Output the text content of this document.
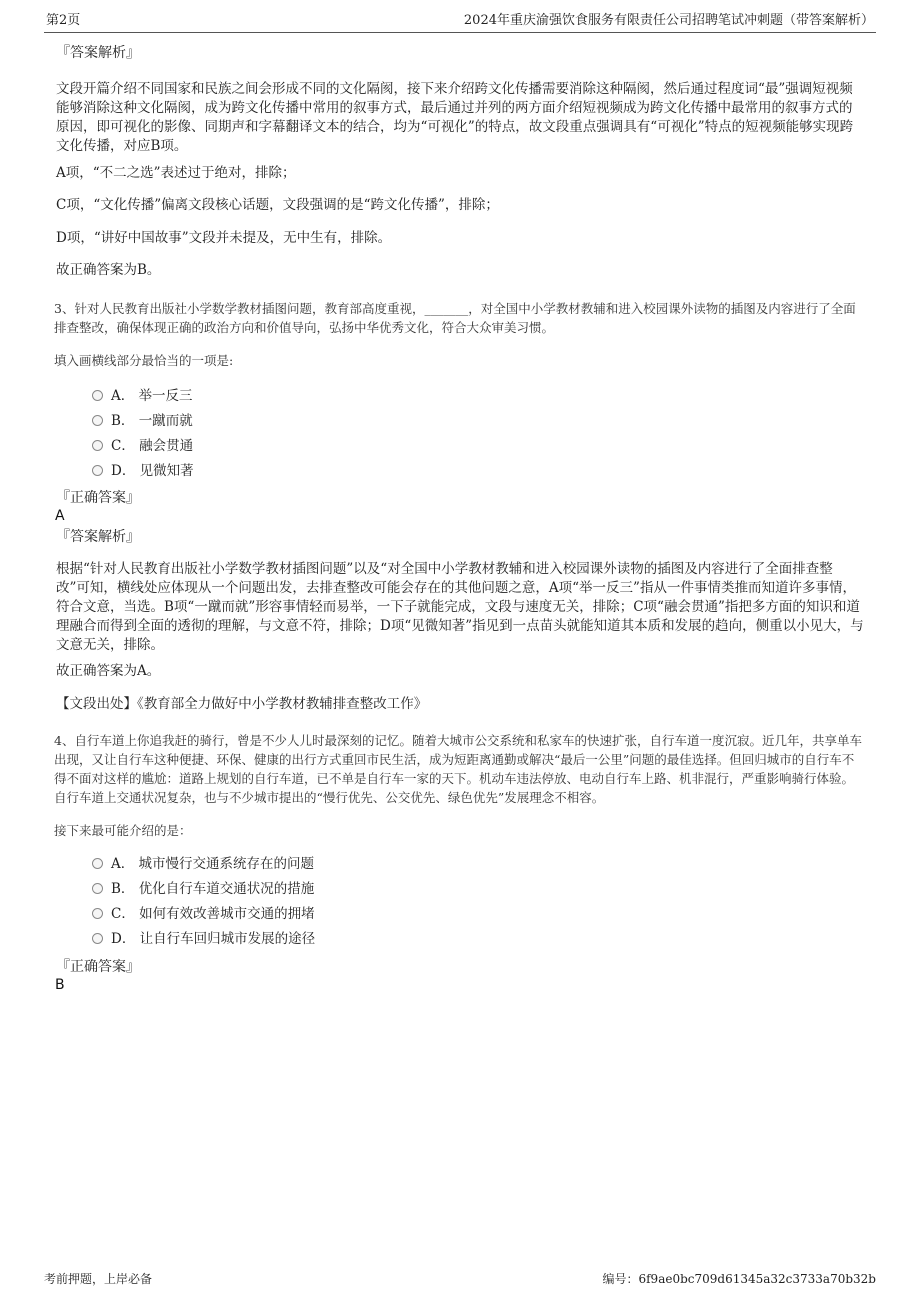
第2页	2024年重庆渝强饮食服务有限责任公司招聘笔试冲刺题（带答案解析）
『答案解析』
文段开篇介绍不同国家和民族之间会形成不同的文化隔阂，接下来介绍跨文化传播需要消除这种隔阂，然后通过程度词“最”强调短视频能够消除这种文化隔阂，成为跨文化传播中常用的叙事方式，最后通过并列的两方面介绍短视频成为跨文化传播中最常用的叙事方式的原因，即可视化的影像、同期声和字幕翻译文本的结合，均为“可视化”的特点，故文段重点强调具有“可视化”特点的短视频能够实现跨文化传播，对应B项。
A项，“不二之选”表述过于绝对，排除；
C项，“文化传播”偏离文段核心话题，文段强调的是“跨文化传播”，排除；
D项，“讲好中国故事”文段并未提及，无中生有，排除。
故正确答案为B。
3、针对人民教育出版社小学数学教材插图问题，教育部高度重视，_______，对全国中小学教材教辅和进入校园课外读物的插图及内容进行了全面排查整改，确保体现正确的政治方向和价值导向，弘扬中华优秀文化，符合大众审美习惯。
填入画横线部分最恰当的一项是:
A． 举一反三
B． 一蹴而就
C． 融会贯通
D． 见微知著
『正确答案』
A
『答案解析』
根据“针对人民教育出版社小学数学教材插图问题”以及“对全国中小学教材教辅和进入校园课外读物的插图及内容进行了全面排查整改”可知，横线处应体现从一个问题出发，去排查整改可能会存在的其他问题之意，A项“举一反三”指从一件事情类推而知道许多事情，符合文意，当选。B项“一蹴而就”形容事情轻而易举，一下子就能完成，文段与速度无关，排除；C项“融会贯通”指把多方面的知识和道理融合而得到全面的透彻的理解，与文意不符，排除；D项“见微知著”指见到一点苗头就能知道其本质和发展的趋向，侧重以小见大，与文意无关，排除。
故正确答案为A。
【文段出处】《教育部全力做好中小学教材教辅排查整改工作》
4、自行车道上你追我赶的骑行，曾是不少人儿时最深刻的记忆。随着大城市公交系统和私家车的快速扩张，自行车道一度沉寂。近几年，共享单车出现，又让自行车这种便捷、环保、健康的出行方式重回市民生活，成为短距离通勤或解决“最后一公里”问题的最佳选择。但回归城市的自行车不得不面对这样的尴尬：道路上规划的自行车道，已不单是自行车一家的天下。机动车违法停放、电动自行车上路、机非混行，严重影响骑行体验。自行车道上交通状况复杂，也与不少城市提出的“慢行优先、公交优先、绿色优先”发展理念不相容。
接下来最可能介绍的是：
A． 城市慢行交通系统存在的问题
B． 优化自行车道交通状况的措施
C． 如何有效改善城市交通的拥堵
D． 让自行车回归城市发展的途径
『正确答案』
B
考前押题，上岸必备	编号：6f9ae0bc709d61345a32c3733a70b32b
